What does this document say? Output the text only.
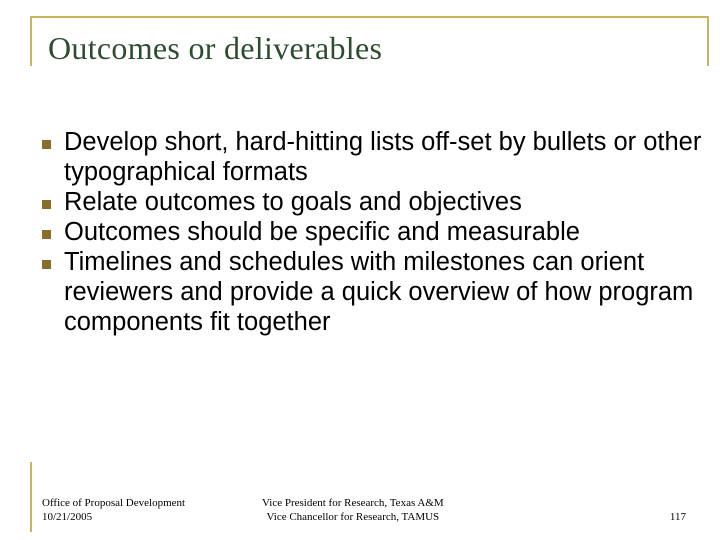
Outcomes or deliverables
Develop short, hard-hitting lists off-set by bullets or other typographical formats
Relate outcomes to goals and objectives
Outcomes should be specific and measurable
Timelines and schedules with milestones can orient reviewers and provide a quick overview of how program components fit together
Office of Proposal Development
10/21/2005
Vice President for Research, Texas A&M
Vice Chancellor for Research, TAMUS	117
